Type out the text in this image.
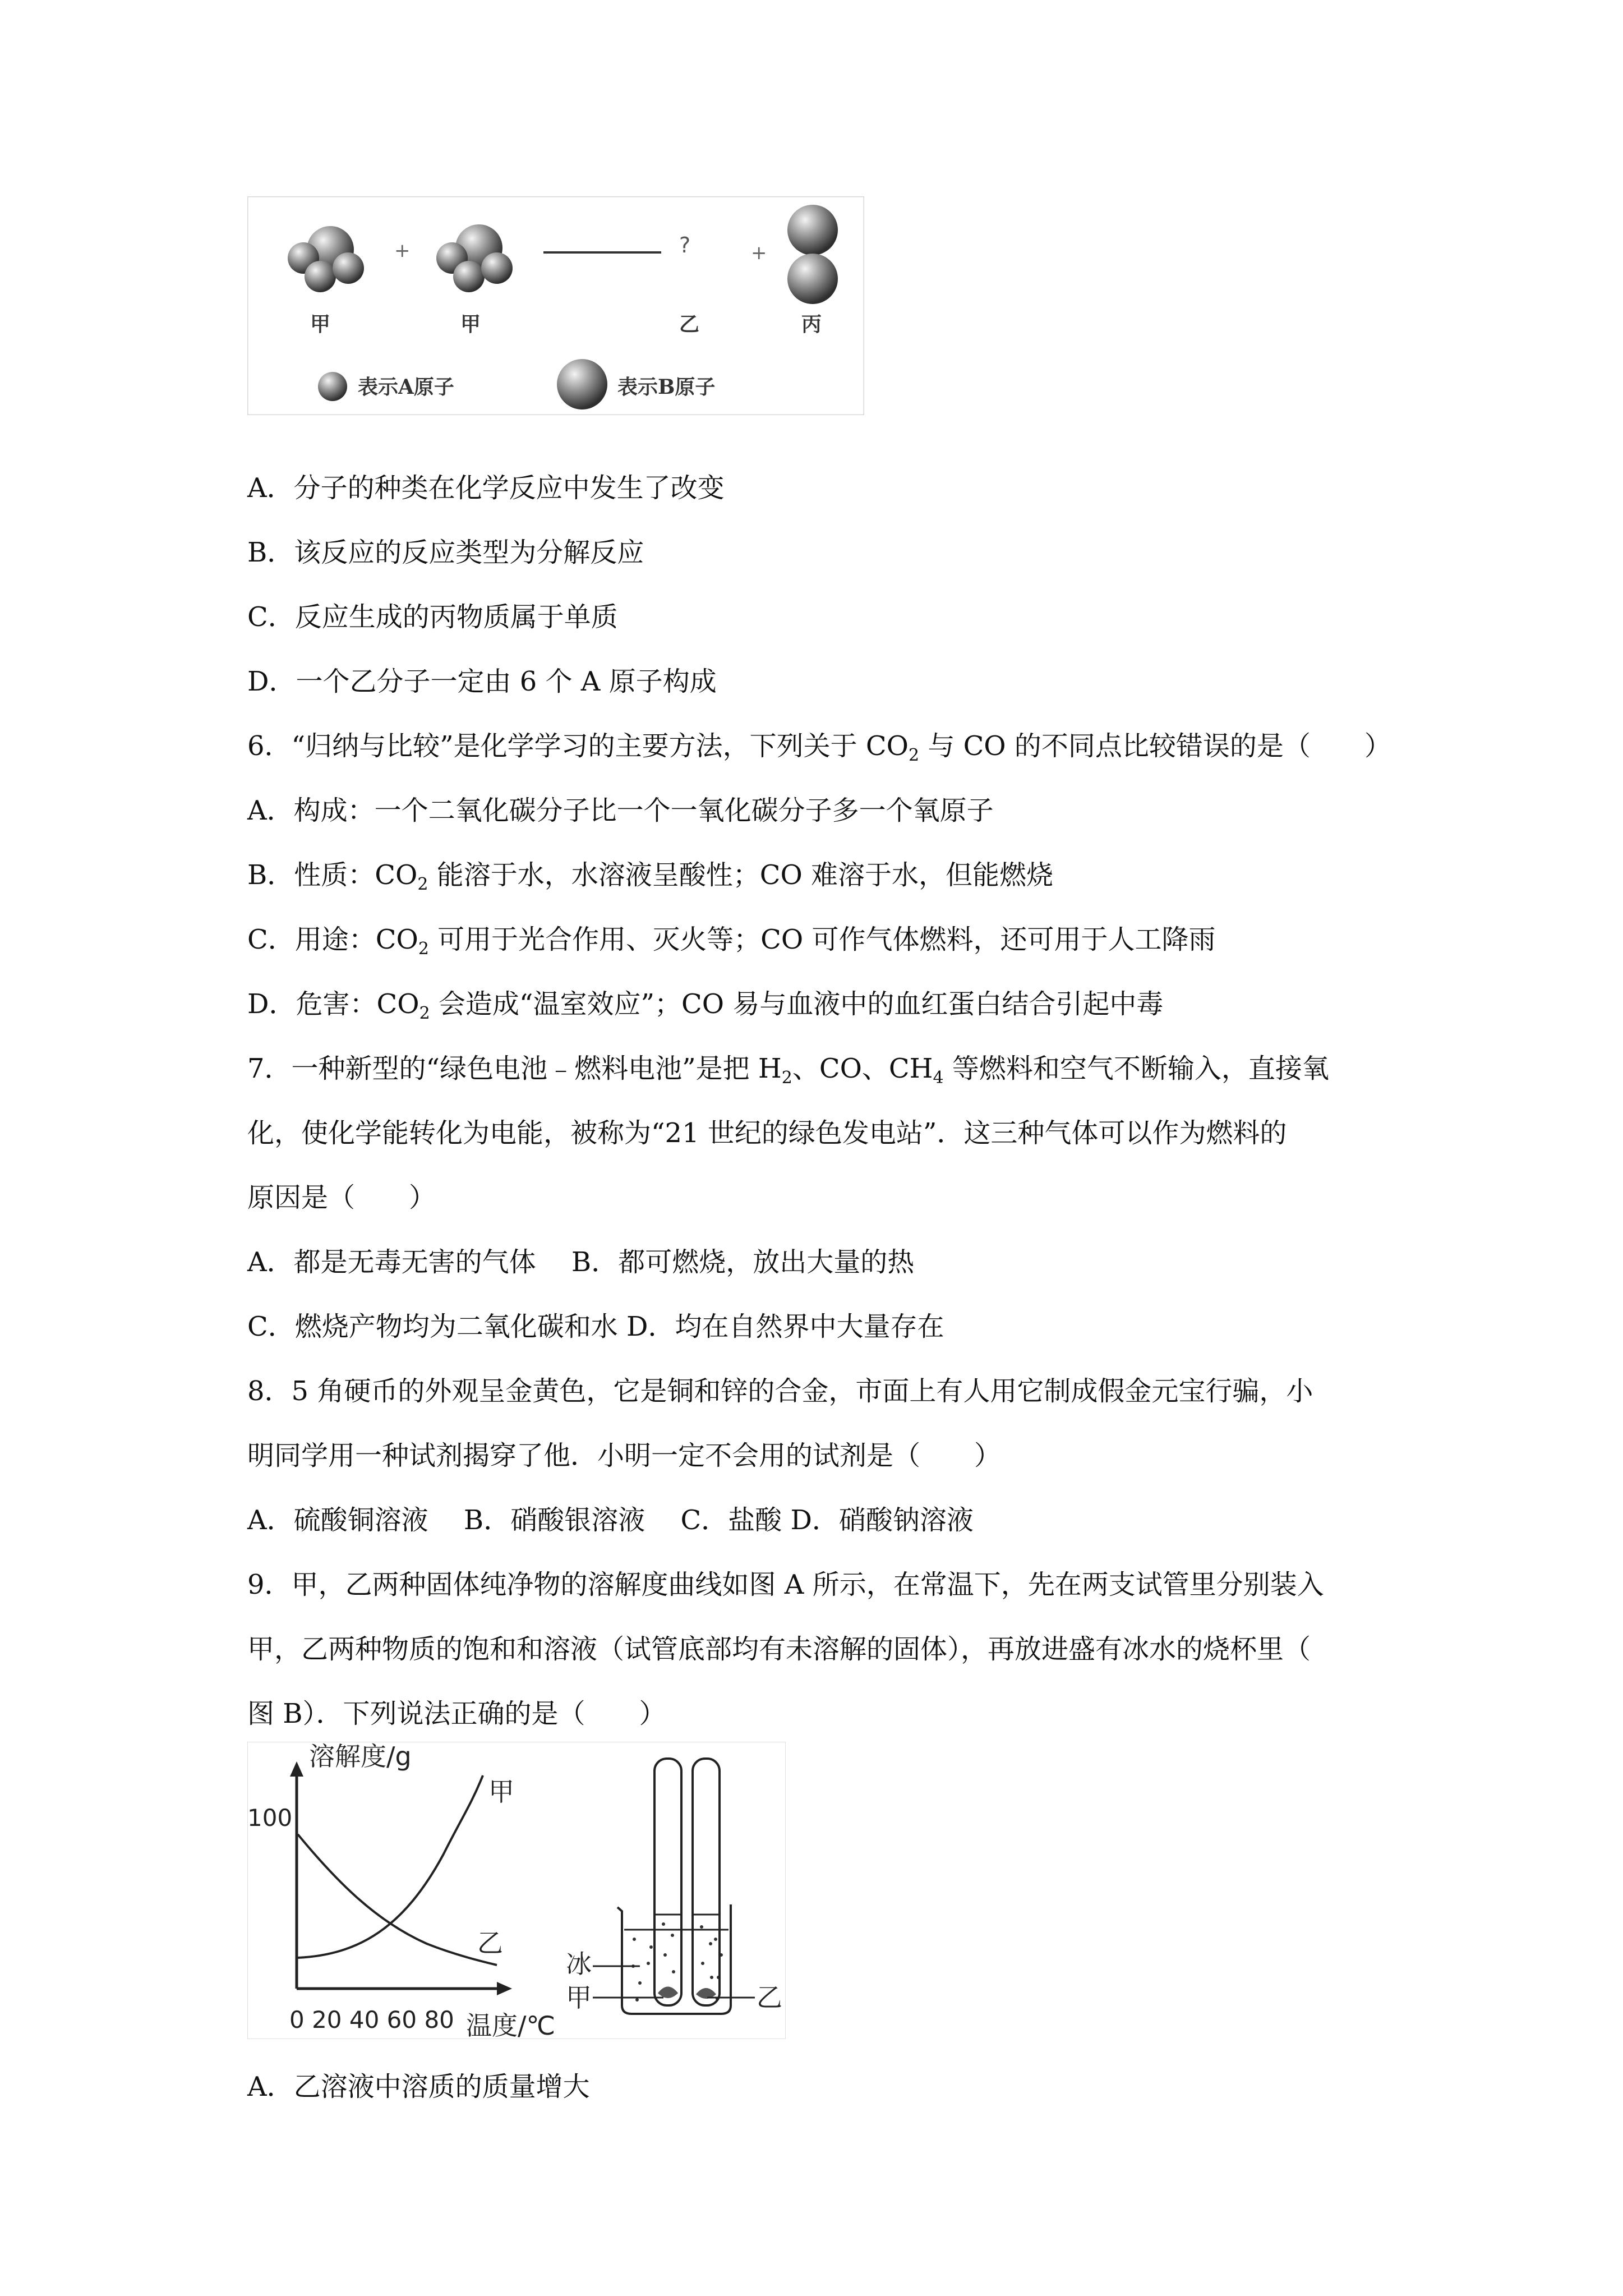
+	?	+
甲	甲	乙	丙
表示A原子	表示B原子
A．分子的种类在化学反应中发生了改变
B．该反应的反应类型为分解反应
C．反应生成的丙物质属于单质
D．一个乙分子一定由 6 个 A 原子构成
6．“归纳与比较”是化学学习的主要方法，下列关于 $CO_2$ 与 CO 的不同点比较错误的是（　　）
A．构成：一个二氧化碳分子比一个一氧化碳分子多一个氧原子
B．性质：$CO_2$ 能溶于水，水溶液呈酸性；CO 难溶于水，但能燃烧
C．用途：$CO_2$ 可用于光合作用、灭火等；CO 可作气体燃料，还可用于人工降雨
D．危害：$CO_2$ 会造成“温室效应”；CO 易与血液中的血红蛋白结合引起中毒
7．一种新型的“绿色电池﹣燃料电池”是把 $H_2$、CO、$CH_4$ 等燃料和空气不断输入，直接氧
化，使化学能转化为电能，被称为“21 世纪的绿色发电站”．这三种气体可以作为燃料的
原因是（　　）
A．都是无毒无害的气体　 B．都可燃烧，放出大量的热
C．燃烧产物均为二氧化碳和水 D．均在自然界中大量存在
8．5 角硬币的外观呈金黄色，它是铜和锌的合金，市面上有人用它制成假金元宝行骗，小
明同学用一种试剂揭穿了他．小明一定不会用的试剂是（　　）
A．硫酸铜溶液　 B．硝酸银溶液　 C．盐酸 D．硝酸钠溶液
9．甲，乙两种固体纯净物的溶解度曲线如图 A 所示，在常温下，先在两支试管里分别装入
甲，乙两种物质的饱和和溶液（试管底部均有未溶解的固体），再放进盛有冰水的烧杯里（
图 B）．下列说法正确的是（　　）
溶解度/g
100
0 20 40 60 80 温度/℃
甲
乙
冰
甲	乙
A．乙溶液中溶质的质量增大
